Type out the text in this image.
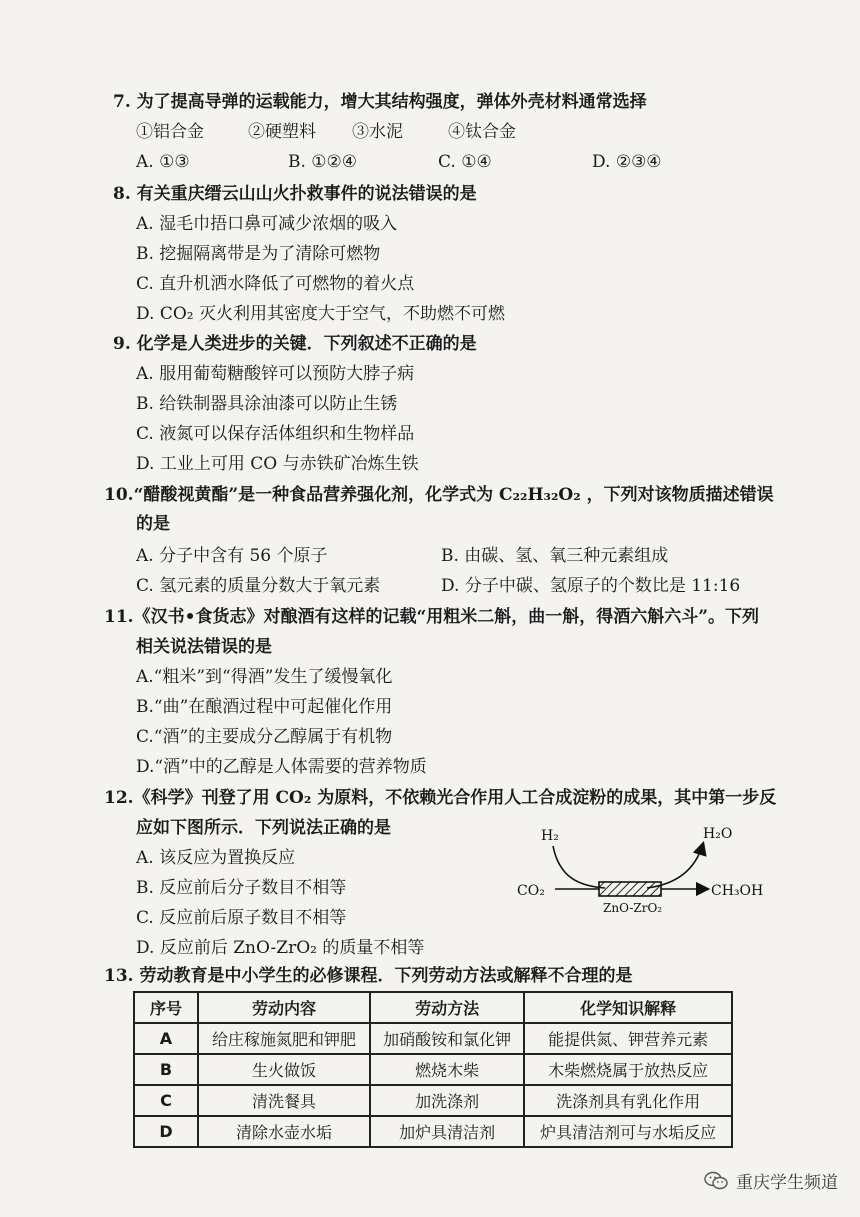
7. 为了提高导弹的运载能力，增大其结构强度，弹体外壳材料通常选择
①铝合金	②硬塑料 ③水泥	④钛合金
A. ①③	B. ①②④	C. ①④	D. ②③④
8. 有关重庆缙云山山火扑救事件的说法错误的是
A. 湿毛巾捂口鼻可减少浓烟的吸入
B. 挖掘隔离带是为了清除可燃物
C. 直升机洒水降低了可燃物的着火点
D. CO₂ 灭火利用其密度大于空气，不助燃不可燃
9. 化学是人类进步的关键．下列叙述不正确的是
A. 服用葡萄糖酸锌可以预防大脖子病
B. 给铁制器具涂油漆可以防止生锈
C. 液氮可以保存活体组织和生物样品
D. 工业上可用 CO 与赤铁矿冶炼生铁
10.“醋酸视黄酯”是一种食品营养强化剂，化学式为 C₂₂H₃₂O₂ ，下列对该物质描述错误
的是
A. 分子中含有 56 个原子	B. 由碳、氢、氧三种元素组成
C. 氢元素的质量分数大于氧元素	D. 分子中碳、氢原子的个数比是 11:16
11.《汉书•食货志》对酿酒有这样的记载“用粗米二斛，曲一斛，得酒六斛六斗”。下列
相关说法错误的是
A.“粗米”到“得酒”发生了缓慢氧化
B.“曲”在酿酒过程中可起催化作用
C.“酒”的主要成分乙醇属于有机物
D.“酒”中的乙醇是人体需要的营养物质
12.《科学》刊登了用 CO₂ 为原料，不依赖光合作用人工合成淀粉的成果，其中第一步反
应如下图所示．下列说法正确的是
A. 该反应为置换反应
B. 反应前后分子数目不相等
C. 反应前后原子数目不相等
D. 反应前后 ZnO-ZrO₂ 的质量不相等
H₂	H₂O
CO₂	CH₃OH
ZnO-ZrO₂
13. 劳动教育是中小学生的必修课程．下列劳动方法或解释不合理的是
序号	劳动内容	劳动方法	化学知识解释
A	给庄稼施氮肥和钾肥	加硝酸铵和氯化钾	能提供氮、钾营养元素
B	生火做饭	燃烧木柴	木柴燃烧属于放热反应
C	清洗餐具	加洗涤剂	洗涤剂具有乳化作用
D	清除水壶水垢	加炉具清洁剂	炉具清洁剂可与水垢反应
重庆学生频道
